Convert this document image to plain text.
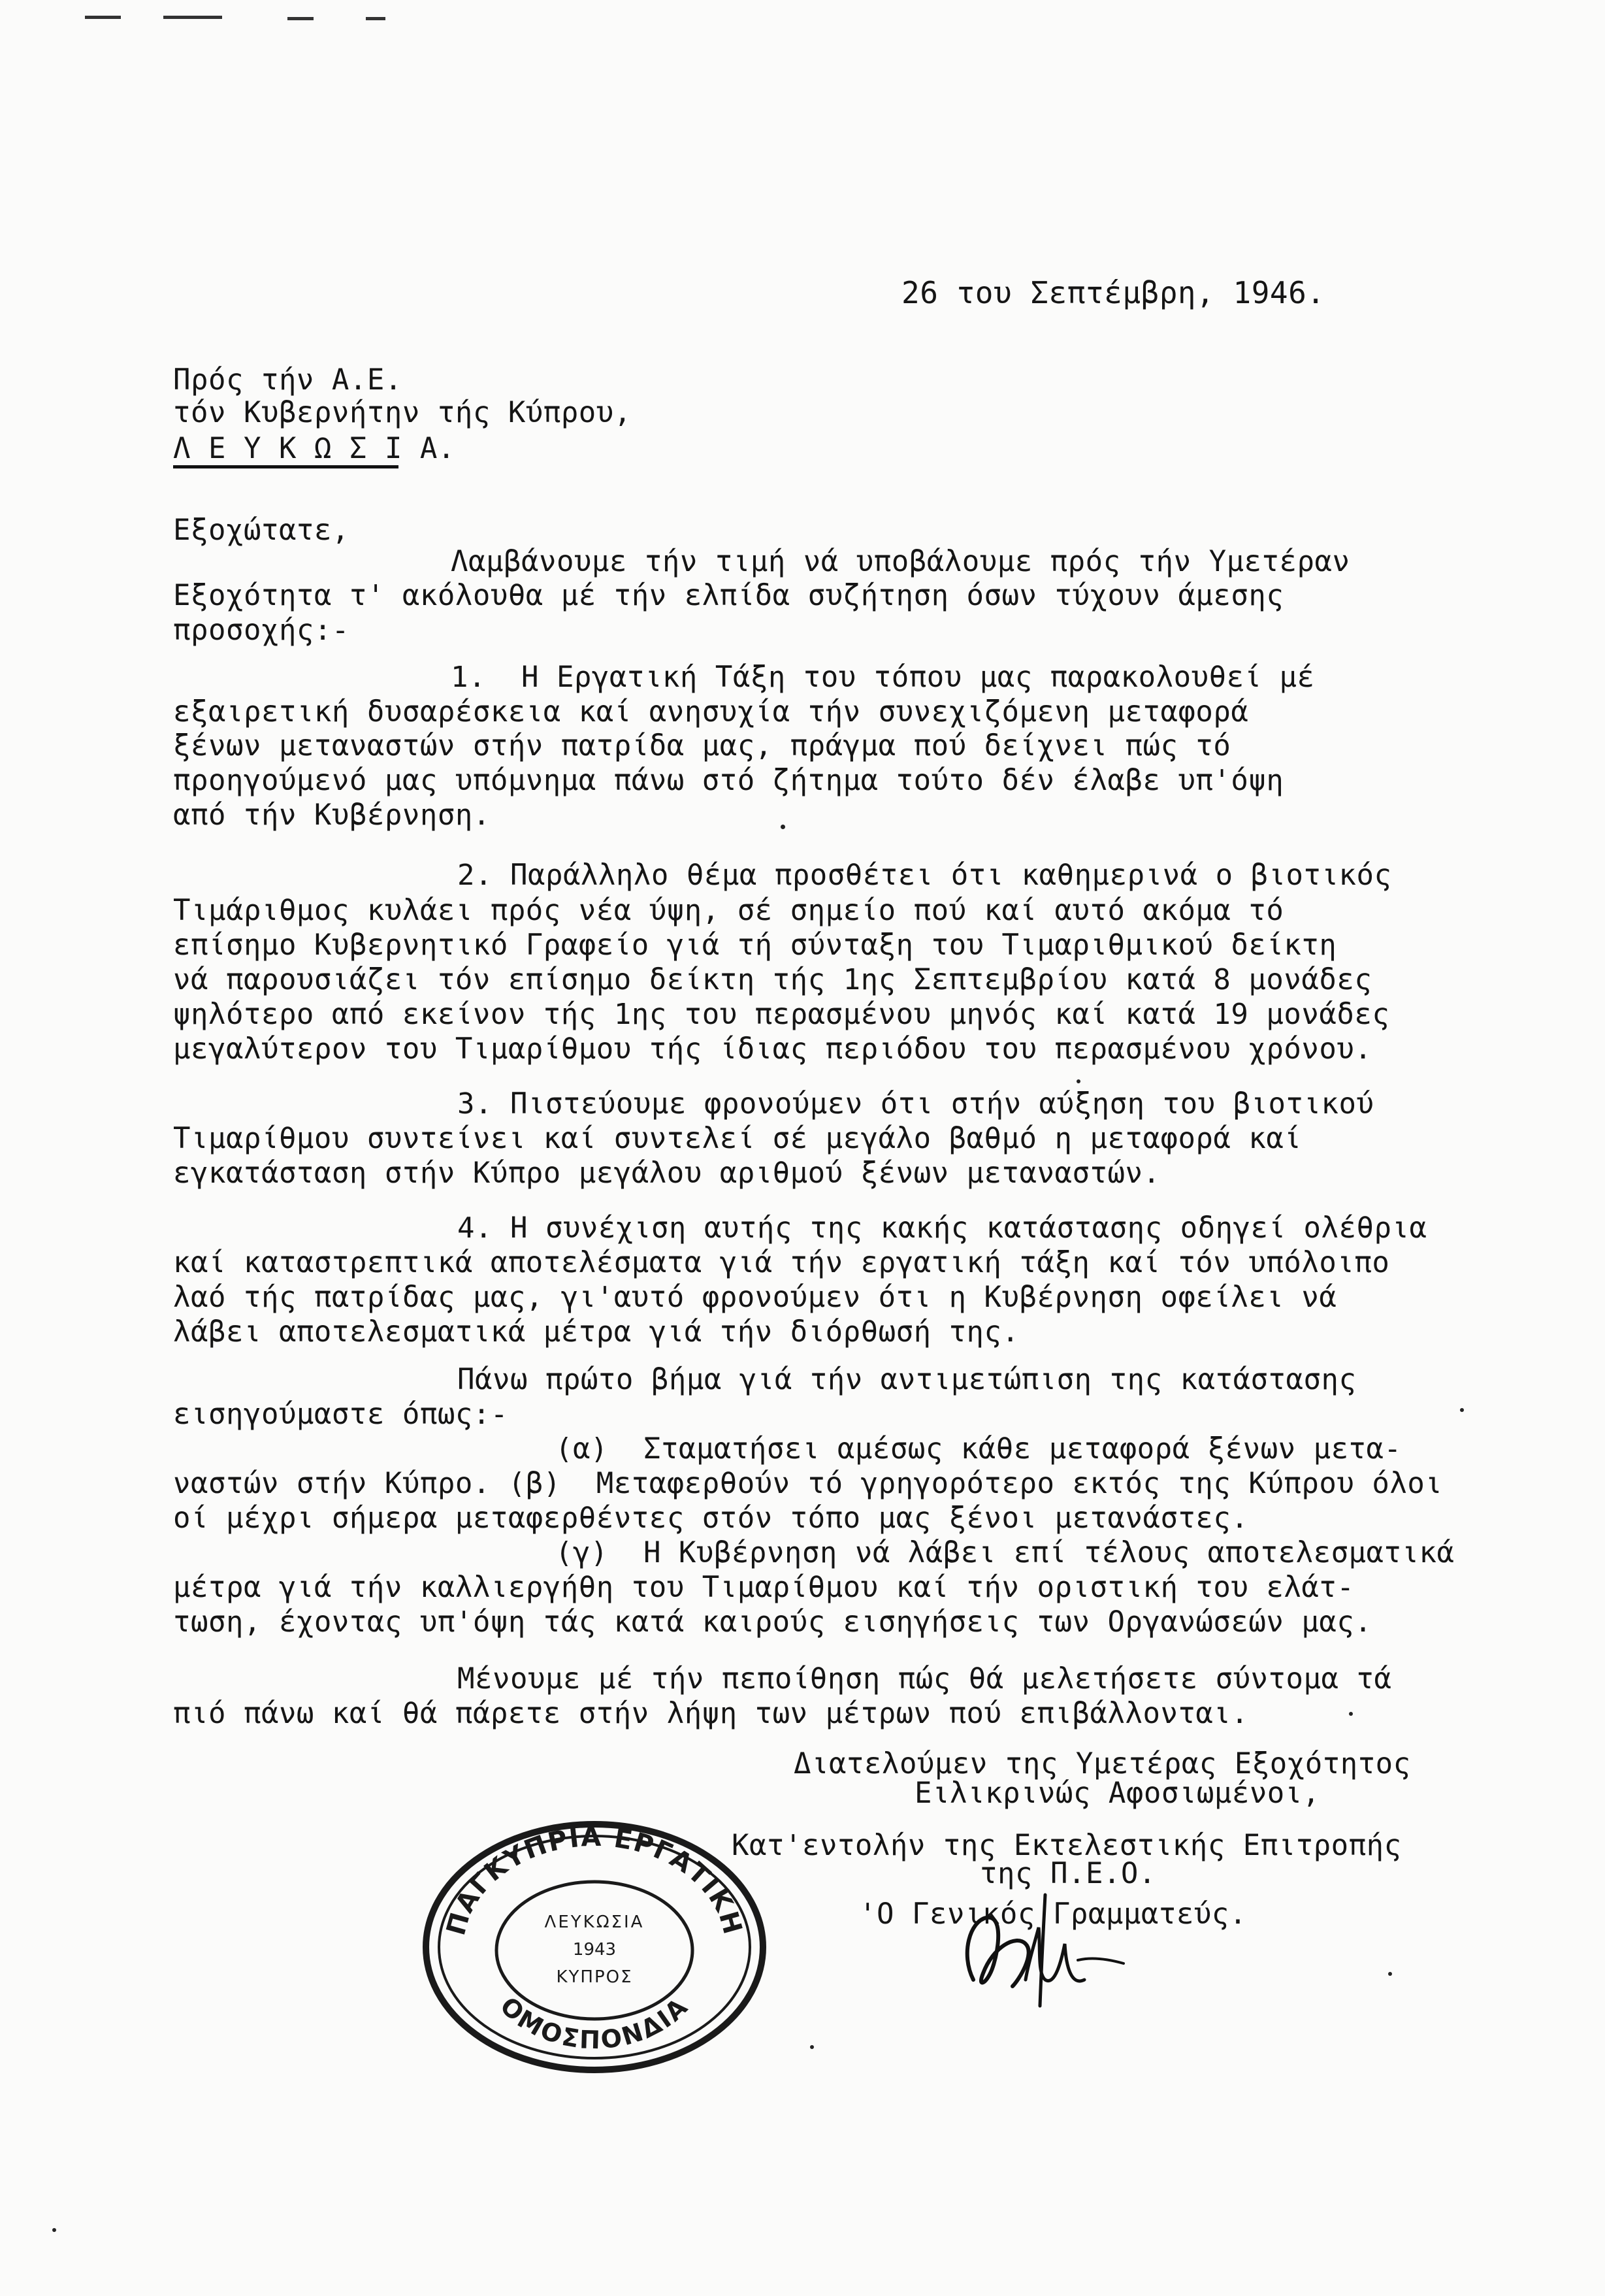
26 του Σεπτέμβρη, 1946.
Πρός τήν Α.Ε.
τόν Κυβερνήτην τής Κύπρου,
Λ Ε Υ Κ Ω Σ Ι Α.
Εξοχώτατε,
Λαμβάνουμε τήν τιμή νά υποβάλουμε πρός τήν Υμετέραν
Εξοχότητα τ' ακόλουθα μέ τήν ελπίδα συζήτηση όσων τύχουν άμεσης
προσοχής:-
1.  Η Εργατική Τάξη του τόπου μας παρακολουθεί μέ
εξαιρετική δυσαρέσκεια καί ανησυχία τήν συνεχιζόμενη μεταφορά
ξένων μεταναστών στήν πατρίδα μας, πράγμα πού δείχνει πώς τό
προηγούμενό μας υπόμνημα πάνω στό ζήτημα τούτο δέν έλαβε υπ'όψη
από τήν Κυβέρνηση.
2. Παράλληλο θέμα προσθέτει ότι καθημερινά ο βιοτικός
Τιμάριθμος κυλάει πρός νέα ύψη, σέ σημείο πού καί αυτό ακόμα τό
επίσημο Κυβερνητικό Γραφείο γιά τή σύνταξη του Τιμαριθμικού δείκτη
νά παρουσιάζει τόν επίσημο δείκτη τής 1ης Σεπτεμβρίου κατά 8 μονάδες
ψηλότερο από εκείνον τής 1ης του περασμένου μηνός καί κατά 19 μονάδες
μεγαλύτερον του Τιμαρίθμου τής ίδιας περιόδου του περασμένου χρόνου.
3. Πιστεύουμε φρονούμεν ότι στήν αύξηση του βιοτικού
Τιμαρίθμου συντείνει καί συντελεί σέ μεγάλο βαθμό η μεταφορά καί
εγκατάσταση στήν Κύπρο μεγάλου αριθμού ξένων μεταναστών.
4. Η συνέχιση αυτής της κακής κατάστασης οδηγεί ολέθρια
καί καταστρεπτικά αποτελέσματα γιά τήν εργατική τάξη καί τόν υπόλοιπο
λαό τής πατρίδας μας, γι'αυτό φρονούμεν ότι η Κυβέρνηση οφείλει νά
λάβει αποτελεσματικά μέτρα γιά τήν διόρθωσή της.
Πάνω πρώτο βήμα γιά τήν αντιμετώπιση της κατάστασης
εισηγούμαστε όπως:-
(α)  Σταματήσει αμέσως κάθε μεταφορά ξένων μετα-
ναστών στήν Κύπρο. (β)  Μεταφερθούν τό γρηγορότερο εκτός της Κύπρου όλοι
οί μέχρι σήμερα μεταφερθέντες στόν τόπο μας ξένοι μετανάστες.
(γ)  Η Κυβέρνηση νά λάβει επί τέλους αποτελεσματικά
μέτρα γιά τήν καλλιεργήθη του Τιμαρίθμου καί τήν οριστική του ελάτ-
τωση, έχοντας υπ'όψη τάς κατά καιρούς εισηγήσεις των Οργανώσεών μας.
Μένουμε μέ τήν πεποίθηση πώς θά μελετήσετε σύντομα τά
πιό πάνω καί θά πάρετε στήν λήψη των μέτρων πού επιβάλλονται.
Διατελούμεν της Υμετέρας Εξοχότητος
Ειλικρινώς Αφοσιωμένοι,
Κατ'εντολήν της Εκτελεστικής Επιτροπής
της Π.Ε.Ο.
'Ο Γενικός Γραμματεύς.
ΠΑΓΚΥΠΡΙΑ ΕΡΓΑΤΙΚΗ
ΟΜΟΣΠΟΝΔΙΑ
ΛΕΥΚΩΣΙΑ
1943
ΚΥΠΡΟΣ
